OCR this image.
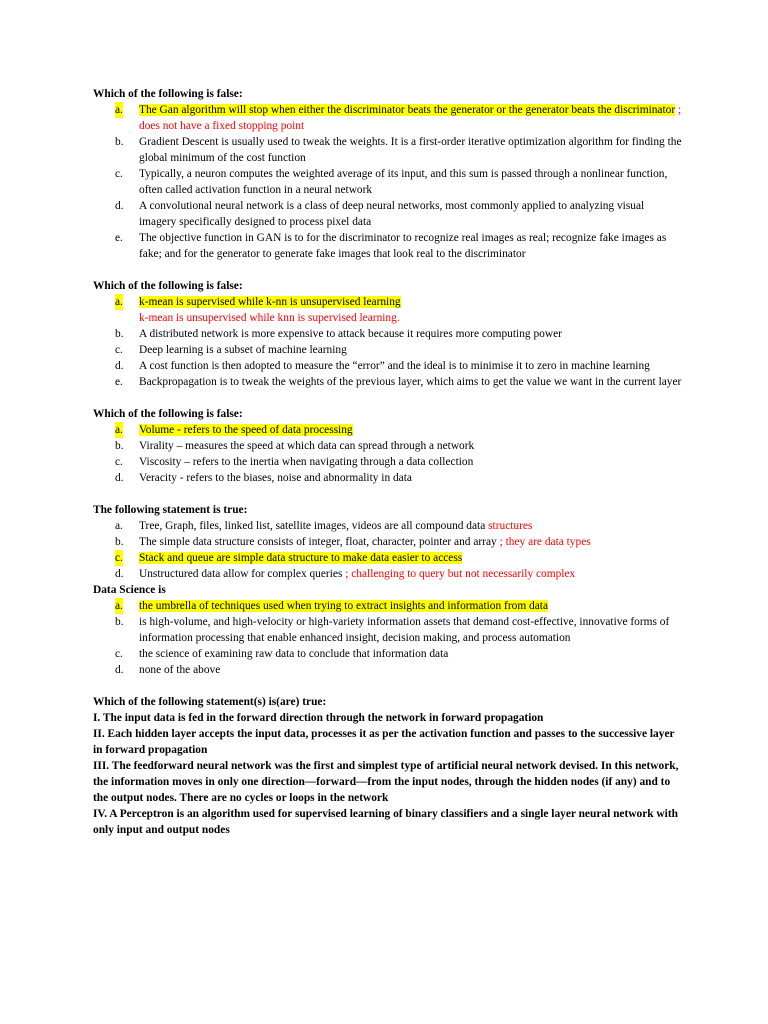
Which of the following is false:
a. The Gan algorithm will stop when either the discriminator beats the generator or the generator beats the discriminator ; does not have a fixed stopping point
b. Gradient Descent is usually used to tweak the weights. It is a first-order iterative optimization algorithm for finding the global minimum of the cost function
c. Typically, a neuron computes the weighted average of its input, and this sum is passed through a nonlinear function, often called activation function in a neural network
d. A convolutional neural network is a class of deep neural networks, most commonly applied to analyzing visual imagery specifically designed to process pixel data
e. The objective function in GAN is to for the discriminator to recognize real images as real; recognize fake images as fake; and for the generator to generate fake images that look real to the discriminator
Which of the following is false:
a. k-mean is supervised while k-nn is unsupervised learning
k-mean is unsupervised while knn is supervised learning.
b. A distributed network is more expensive to attack because it requires more computing power
c. Deep learning is a subset of machine learning
d. A cost function is then adopted to measure the “error” and the ideal is to minimise it to zero in machine learning
e. Backpropagation is to tweak the weights of the previous layer, which aims to get the value we want in the current layer
Which of the following is false:
a. Volume - refers to the speed of data processing
b. Virality – measures the speed at which data can spread through a network
c. Viscosity – refers to the inertia when navigating through a data collection
d. Veracity - refers to the biases, noise and abnormality in data
The following statement is true:
a. Tree, Graph, files, linked list, satellite images, videos are all compound data structures
b. The simple data structure consists of integer, float, character, pointer and array ; they are data types
c. Stack and queue are simple data structure to make data easier to access
d. Unstructured data allow for complex queries ; challenging to query but not necessarily complex
Data Science is
a. the umbrella of techniques used when trying to extract insights and information from data
b. is high-volume, and high-velocity or high-variety information assets that demand cost-effective, innovative forms of information processing that enable enhanced insight, decision making, and process automation
c. the science of examining raw data to conclude that information data
d. none of the above
Which of the following statement(s) is(are) true:
I. The input data is fed in the forward direction through the network in forward propagation
II. Each hidden layer accepts the input data, processes it as per the activation function and passes to the successive layer in forward propagation
III. The feedforward neural network was the first and simplest type of artificial neural network devised. In this network, the information moves in only one direction—forward—from the input nodes, through the hidden nodes (if any) and to the output nodes. There are no cycles or loops in the network
IV. A Perceptron is an algorithm used for supervised learning of binary classifiers and a single layer neural network with only input and output nodes
